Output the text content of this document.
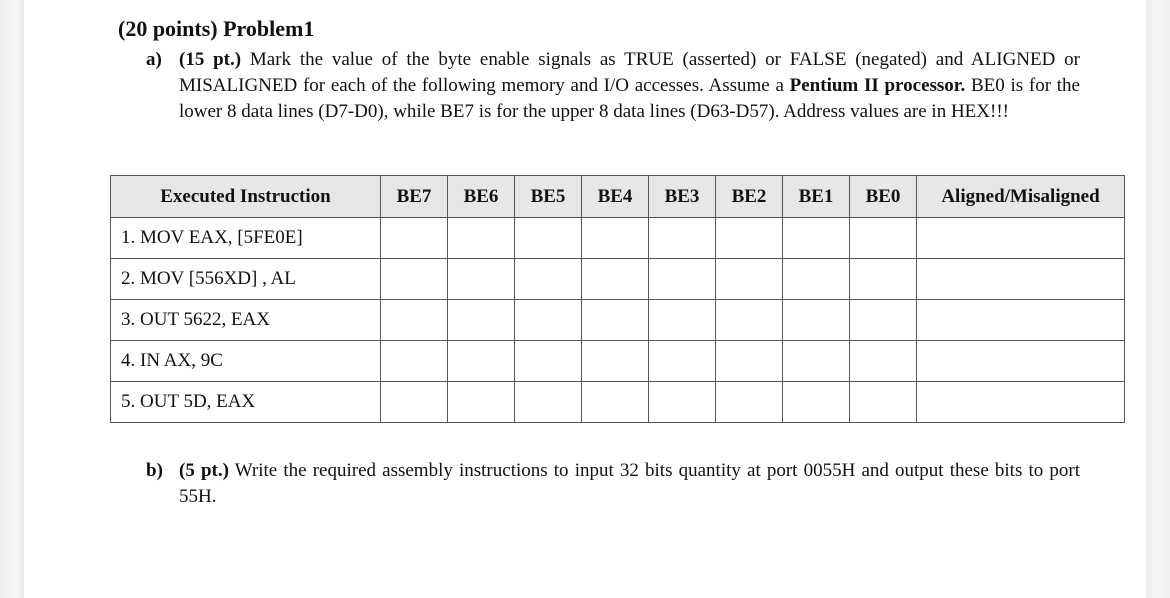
(20 points) Problem1
a) (15 pt.) Mark the value of the byte enable signals as TRUE (asserted) or FALSE (negated) and ALIGNED or MISALIGNED for each of the following memory and I/O accesses. Assume a Pentium II processor. BE0 is for the lower 8 data lines (D7-D0), while BE7 is for the upper 8 data lines (D63-D57). Address values are in HEX!!!
Executed Instruction	BE7	BE6	BE5	BE4	BE3	BE2	BE1	BE0	Aligned/Misaligned
1. MOV EAX, [5FE0E]									
2. MOV [556XD] , AL									
3. OUT 5622, EAX									
4. IN AX, 9C									
5. OUT 5D, EAX									
b) (5 pt.) Write the required assembly instructions to input 32 bits quantity at port 0055H and output these bits to port 55H.
